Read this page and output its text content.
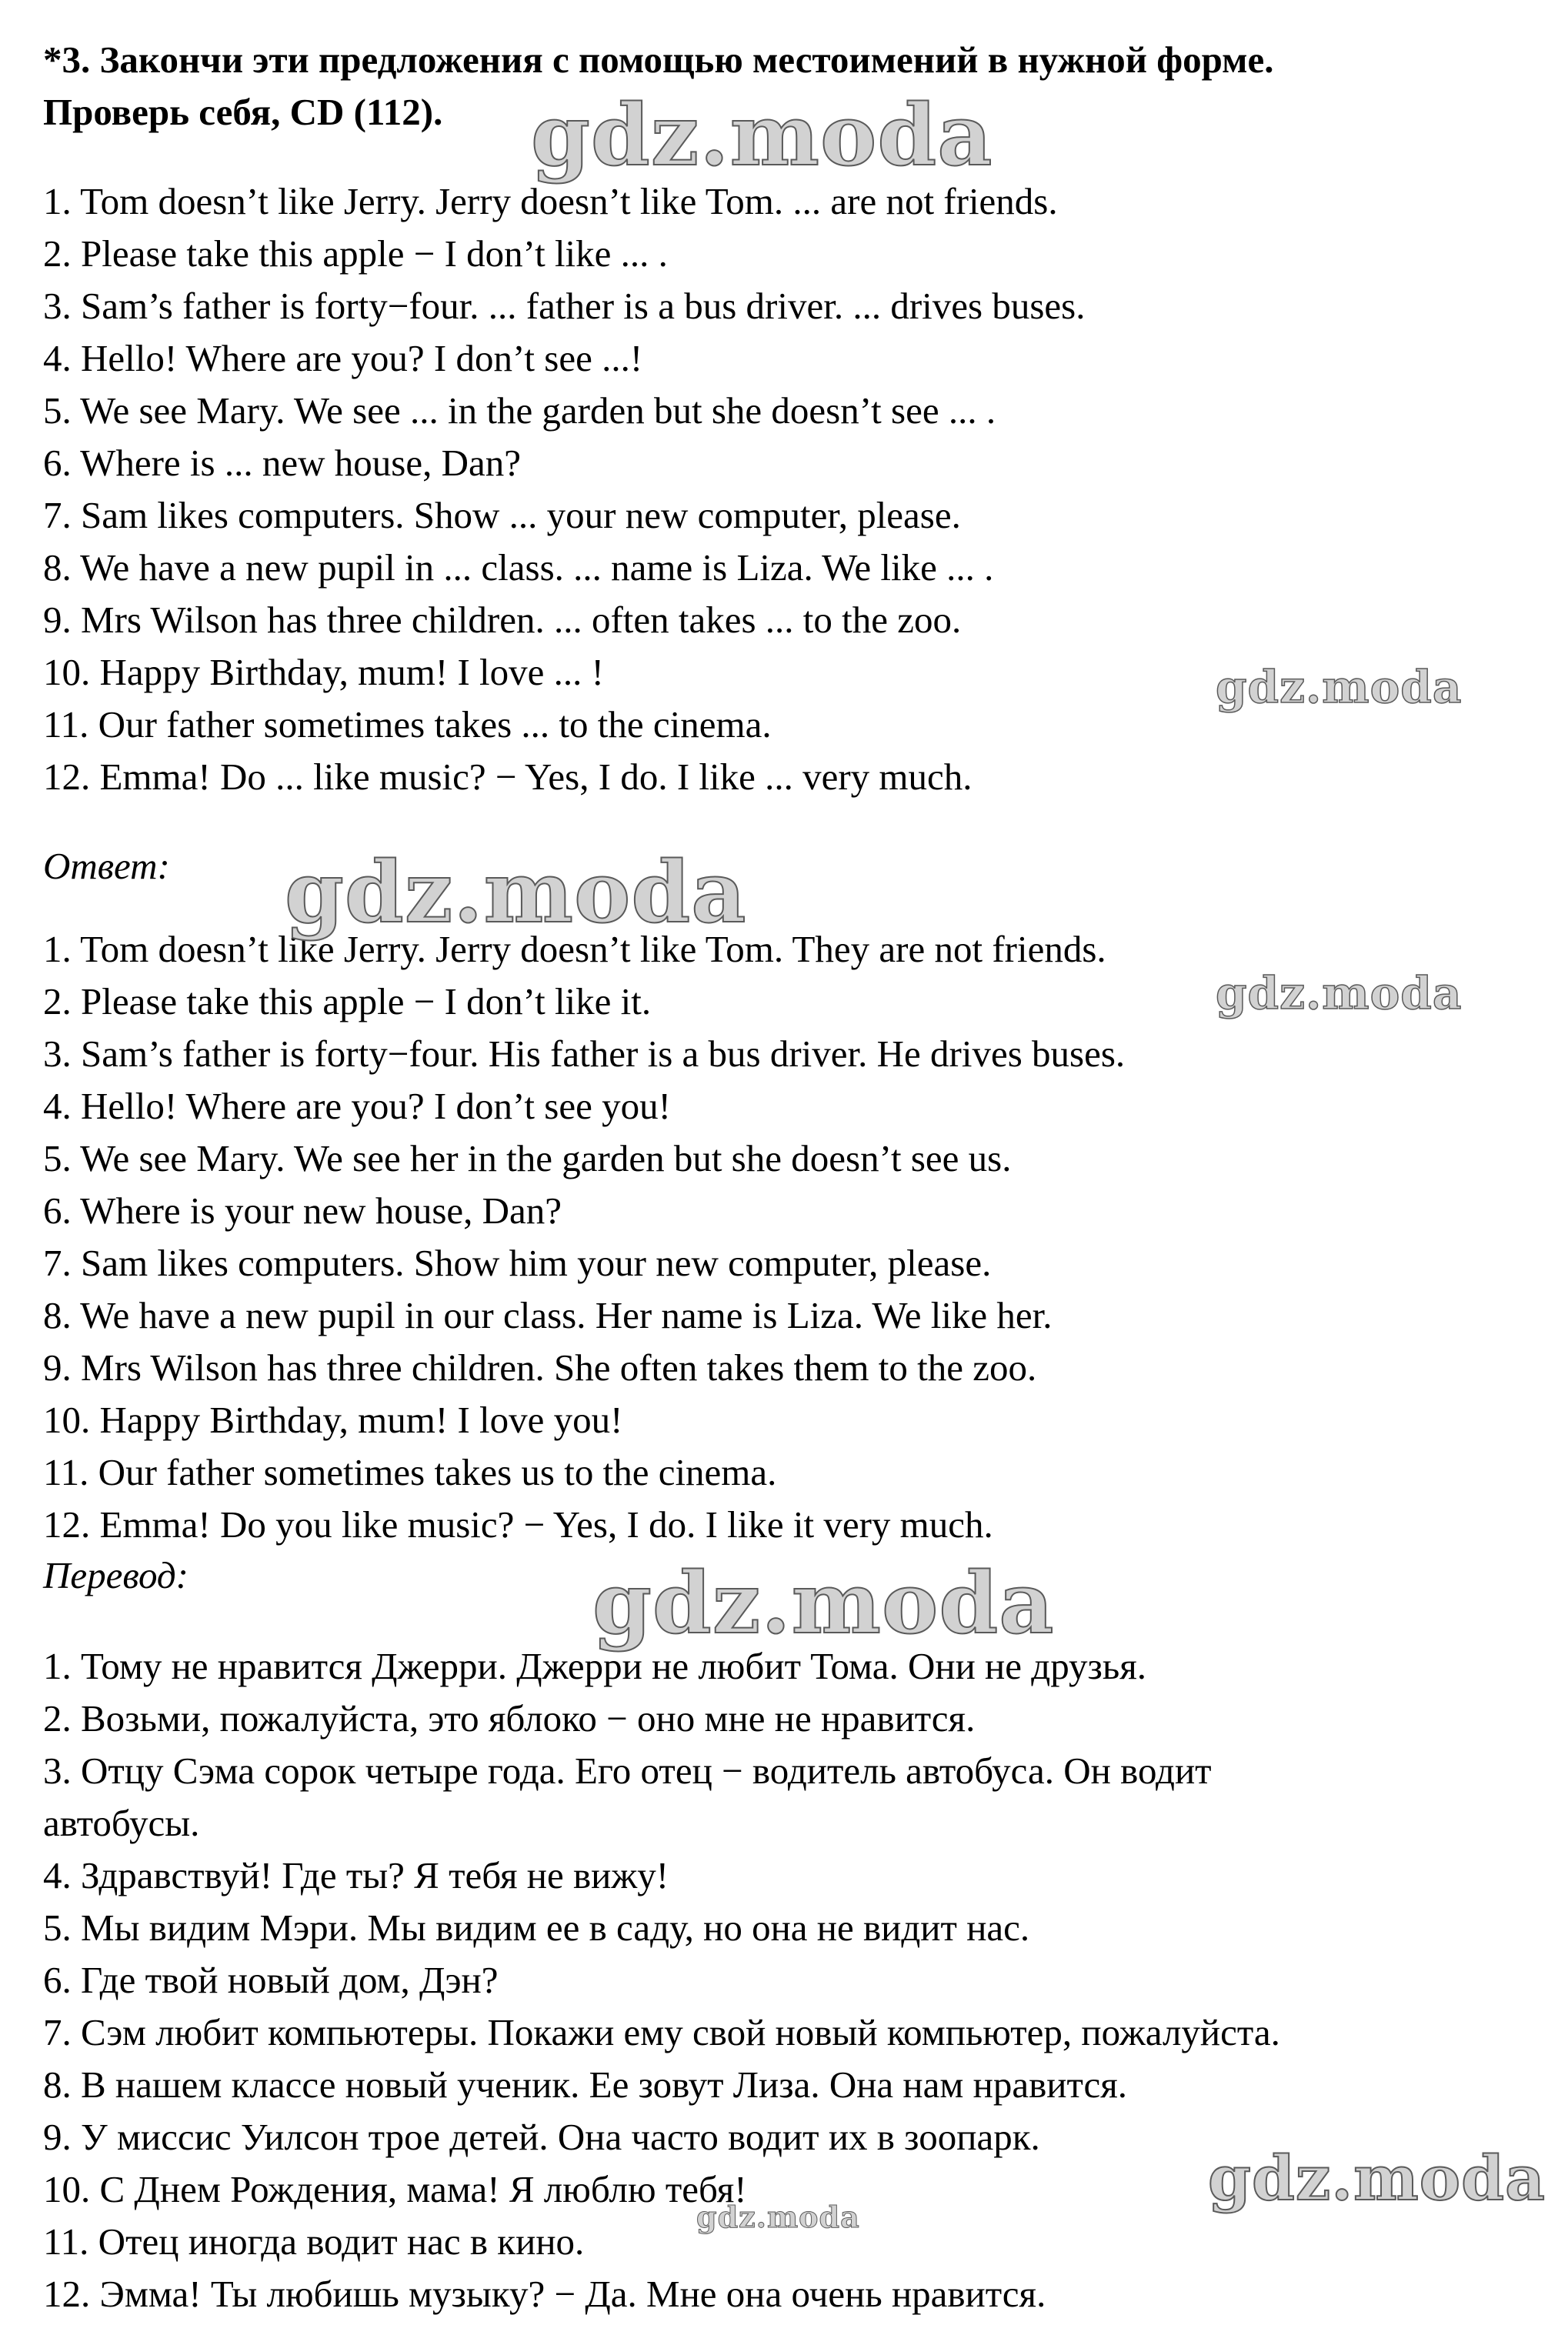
*3. Закончи эти предложения с помощью местоимений в нужной форме.
Проверь себя, CD (112).
1. Tom doesn’t like Jerry. Jerry doesn’t like Tom. ... are not friends.
2. Please take this apple − I don’t like ... .
3. Sam’s father is forty−four. ... father is a bus driver. ... drives buses.
4. Hello! Where are you? I don’t see ...!
5. We see Mary. We see ... in the garden but she doesn’t see ... .
6. Where is ... new house, Dan?
7. Sam likes computers. Show ... your new computer, please.
8. We have a new pupil in ... class. ... name is Liza. We like ... .
9. Mrs Wilson has three children. ... often takes ... to the zoo.
10. Happy Birthday, mum! I love ... !
11. Our father sometimes takes ... to the cinema.
12. Emma! Do ... like music? − Yes, I do. I like ... very much.
Ответ:
1. Tom doesn’t like Jerry. Jerry doesn’t like Tom. They are not friends.
2. Please take this apple − I don’t like it.
3. Sam’s father is forty−four. His father is a bus driver. He drives buses.
4. Hello! Where are you? I don’t see you!
5. We see Mary. We see her in the garden but she doesn’t see us.
6. Where is your new house, Dan?
7. Sam likes computers. Show him your new computer, please.
8. We have a new pupil in our class. Her name is Liza. We like her.
9. Mrs Wilson has three children. She often takes them to the zoo.
10. Happy Birthday, mum! I love you!
11. Our father sometimes takes us to the cinema.
12. Emma! Do you like music? − Yes, I do. I like it very much.
Перевод:
1. Тому не нравится Джерри. Джерри не любит Тома. Они не друзья.
2. Возьми, пожалуйста, это яблоко − оно мне не нравится.
3. Отцу Сэма сорок четыре года. Его отец − водитель автобуса. Он водит
автобусы.
4. Здравствуй! Где ты? Я тебя не вижу!
5. Мы видим Мэри. Мы видим ее в саду, но она не видит нас.
6. Где твой новый дом, Дэн?
7. Сэм любит компьютеры. Покажи ему свой новый компьютер, пожалуйста.
8. В нашем классе новый ученик. Ее зовут Лиза. Она нам нравится.
9. У миссис Уилсон трое детей. Она часто водит их в зоопарк.
10. С Днем Рождения, мама! Я люблю тебя!
11. Отец иногда водит нас в кино.
12. Эмма! Ты любишь музыку? − Да. Мне она очень нравится.
gdz.moda
gdz.moda
gdz.moda
gdz.moda
gdz.moda
gdz.moda
gdz.moda
